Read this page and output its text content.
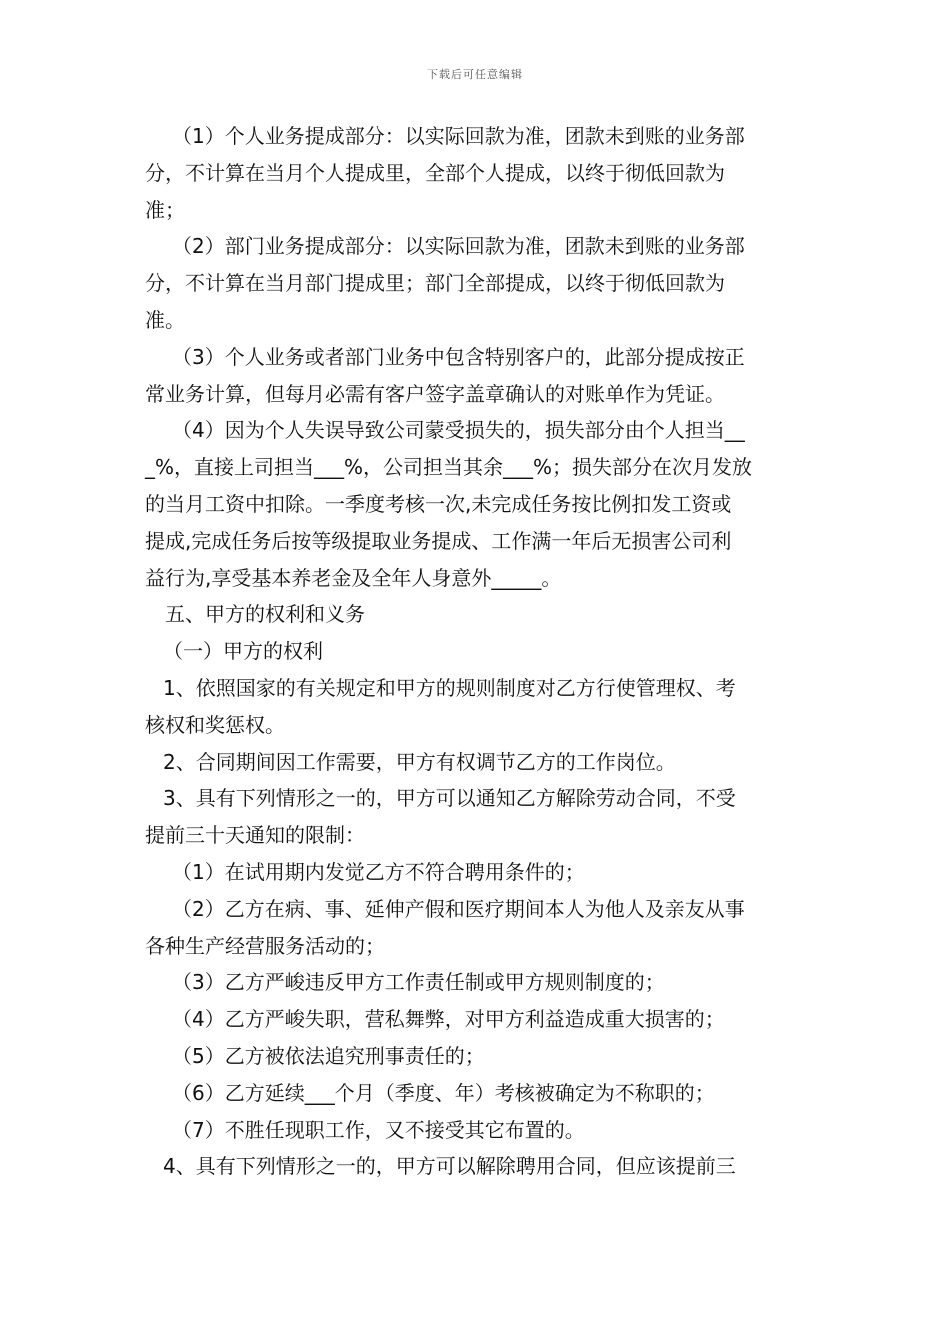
下载后可任意编辑

（1）个人业务提成部分：以实际回款为准，团款未到账的业务部

分，不计算在当月个人提成里，全部个人提成，以终于彻低回款为

准；

（2）部门业务提成部分：以实际回款为准，团款未到账的业务部

分，不计算在当月部门提成里；部门全部提成，以终于彻低回款为

准。

（3）个人业务或者部门业务中包含特别客户的，此部分提成按正

常业务计算，但每月必需有客户签字盖章确认的对账单作为凭证。

（4）因为个人失误导致公司蒙受损失的，损失部分由个人担当__

_%，直接上司担当___%，公司担当其余___%；损失部分在次月发放

的当月工资中扣除。一季度考核一次,未完成任务按比例扣发工资或

提成,完成任务后按等级提取业务提成、工作满一年后无损害公司利

益行为,享受基本养老金及全年人身意外_____。

五、甲方的权利和义务

（一）甲方的权利

1、依照国家的有关规定和甲方的规则制度对乙方行使管理权、考

核权和奖惩权。

2、合同期间因工作需要，甲方有权调节乙方的工作岗位。

3、具有下列情形之一的，甲方可以通知乙方解除劳动合同，不受

提前三十天通知的限制：

（1）在试用期内发觉乙方不符合聘用条件的；

（2）乙方在病、事、延伸产假和医疗期间本人为他人及亲友从事

各种生产经营服务活动的；

（3）乙方严峻违反甲方工作责任制或甲方规则制度的；

（4）乙方严峻失职，营私舞弊，对甲方利益造成重大损害的；

（5）乙方被依法追究刑事责任的；

（6）乙方延续___个月（季度、年）考核被确定为不称职的；

（7）不胜任现职工作，又不接受其它布置的。

4、具有下列情形之一的，甲方可以解除聘用合同，但应该提前三
